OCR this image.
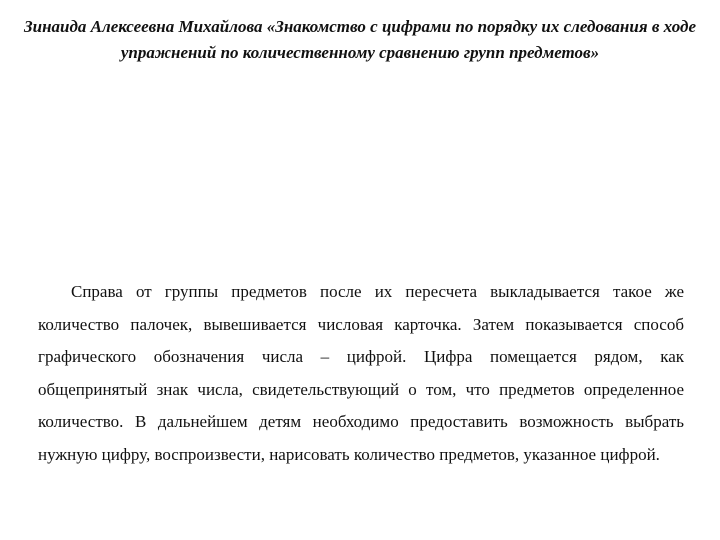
Зинаида Алексеевна Михайлова «Знакомство с цифрами по порядку их следования в ходе упражнений по количественному сравнению групп предметов»

Справа от группы предметов после их пересчета выкладывается такое же количество палочек, вывешивается числовая карточка. Затем показывается способ графического обозначения числа – цифрой. Цифра помещается рядом, как общепринятый знак числа, свидетельствующий о том, что предметов определенное количество. В дальнейшем детям необходимо предоставить возможность выбрать нужную цифру, воспроизвести, нарисовать количество предметов, указанное цифрой.
